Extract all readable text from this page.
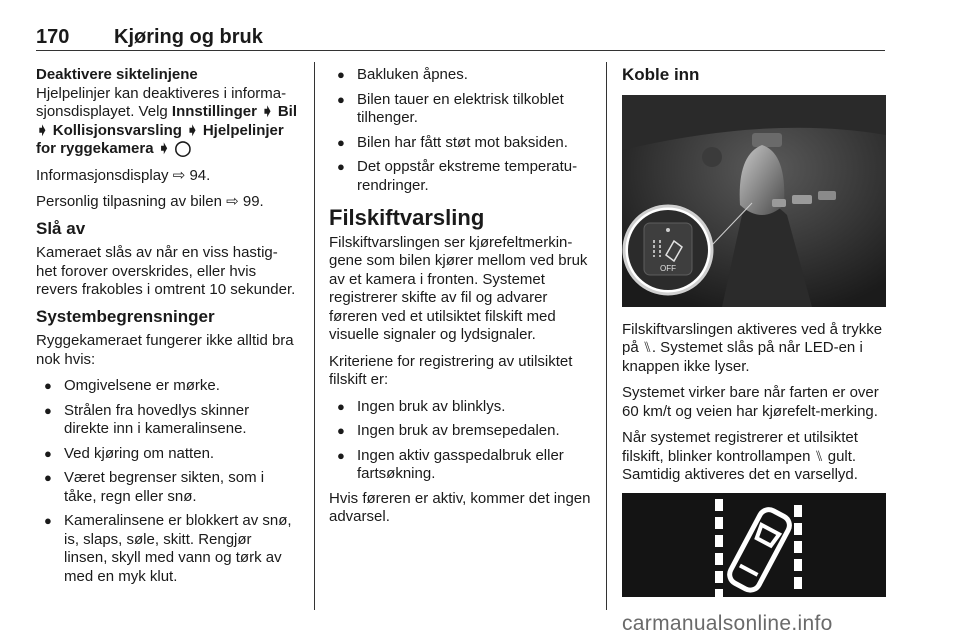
170 Kjøring og bruk

Deaktivere siktelinjene

Hjelpelinjer kan deaktiveres i informa-sjonsdisplayet. Velg Innstillinger ➧ Bil ➧ Kollisjonsvarsling ➧ Hjelpelinjer for ryggekamera ➧ ◯

Informasjonsdisplay ⇨ 94.

Personlig tilpasning av bilen ⇨ 99.

Slå av

Kameraet slås av når en viss hastig-het forover overskrides, eller hvis revers frakobles i omtrent 10 sekunder.

Systembegrensninger

Ryggekameraet fungerer ikke alltid bra nok hvis:

● Omgivelsene er mørke.
● Strålen fra hovedlys skinner direkte inn i kameralinsene.
● Ved kjøring om natten.
● Været begrenser sikten, som i tåke, regn eller snø.
● Kameralinsene er blokkert av snø, is, slaps, søle, skitt. Rengjør linsen, skyll med vann og tørk av med en myk klut.
● Bakluken åpnes.
● Bilen tauer en elektrisk tilkoblet tilhenger.
● Bilen har fått støt mot baksiden.
● Det oppstår ekstreme temperatu-rendringer.
Filskiftvarsling

Filskiftvarslingen ser kjørefeltmerkin-gene som bilen kjører mellom ved bruk av et kamera i fronten. Systemet registrerer skifte av fil og advarer føreren ved et utilsiktet filskift med visuelle signaler og lydsignaler.

Kriteriene for registrering av utilsiktet filskift er:

● Ingen bruk av blinklys.
● Ingen bruk av bremsepedalen.
● Ingen aktiv gasspedalbruk eller fartsøkning.

Hvis føreren er aktiv, kommer det ingen advarsel.

Koble inn
OFF

Filskiftvarslingen aktiveres ved å trykke på ⑊. Systemet slås på når LED-en i knappen ikke lyser.

Systemet virker bare når farten er over 60 km/t og veien har kjørefelt-merking.

Når systemet registrerer et utilsiktet filskift, blinker kontrollampen ⑊ gult. Samtidig aktiveres det en varsellyd.

carmanualsonline.info
